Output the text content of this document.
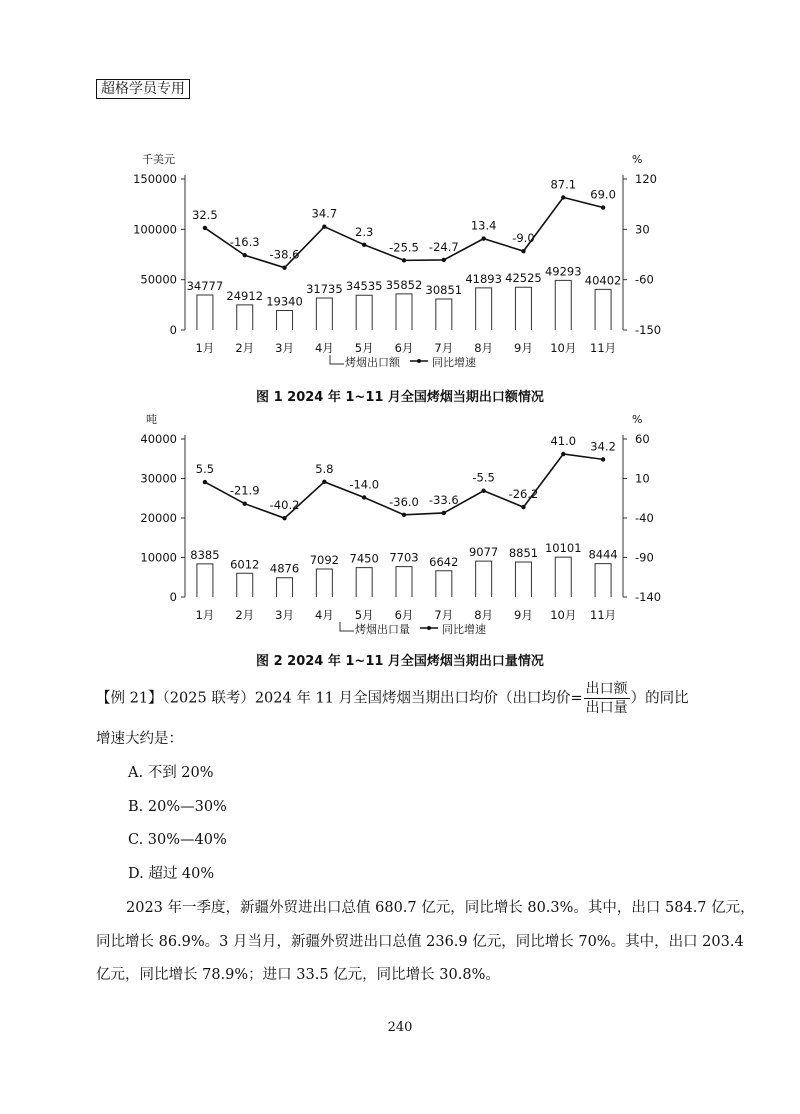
超格学员专用
千美元	%
150000
100000
50000
0
120
30
-60
-150
34777
24912 19340
31735 34535 35852 30851
41893 42525 49293
40402
32.5
-16.3
-38.6
34.7
2.3
-25.5 -24.7
13.4
-9.0
87.1
69.0
1月 2月 3月 4月 5月 6月 7月 8月 9月 10月 11月
烤烟出口额	同比增速
图 1 2024 年 1~11 月全国烤烟当期出口额情况
吨	%
40000
30000
20000
10000
0
60
10
-40
-90
-140
8385
6012 4876
7092 7450 7703 6642
9077 8851 10101 8444
5.5
-21.9
-40.2
5.8
-14.0
-36.0 -33.6
-5.5
-26.2
41.0 34.2
1月 2月 3月 4月 5月 6月 7月 8月 9月 10月 11月
烤烟出口量	同比增速
图 2 2024 年 1~11 月全国烤烟当期出口量情况
【例 21】（2025 联考）2024 年 11 月全国烤烟当期出口均价（出口均价= $\frac{\text{出口额}}{\text{出口量}}$ ）的同比
增速大约是：
A. 不到 20%
B. 20%—30%
C. 30%—40%
D. 超过 40%
2023 年一季度，新疆外贸进出口总值 680.7 亿元，同比增长 80.3%。其中，出口 584.7 亿元，
同比增长 86.9%。3 月当月，新疆外贸进出口总值 236.9 亿元，同比增长 70%。其中，出口 203.4
亿元，同比增长 78.9%；进口 33.5 亿元，同比增长 30.8%。
240
